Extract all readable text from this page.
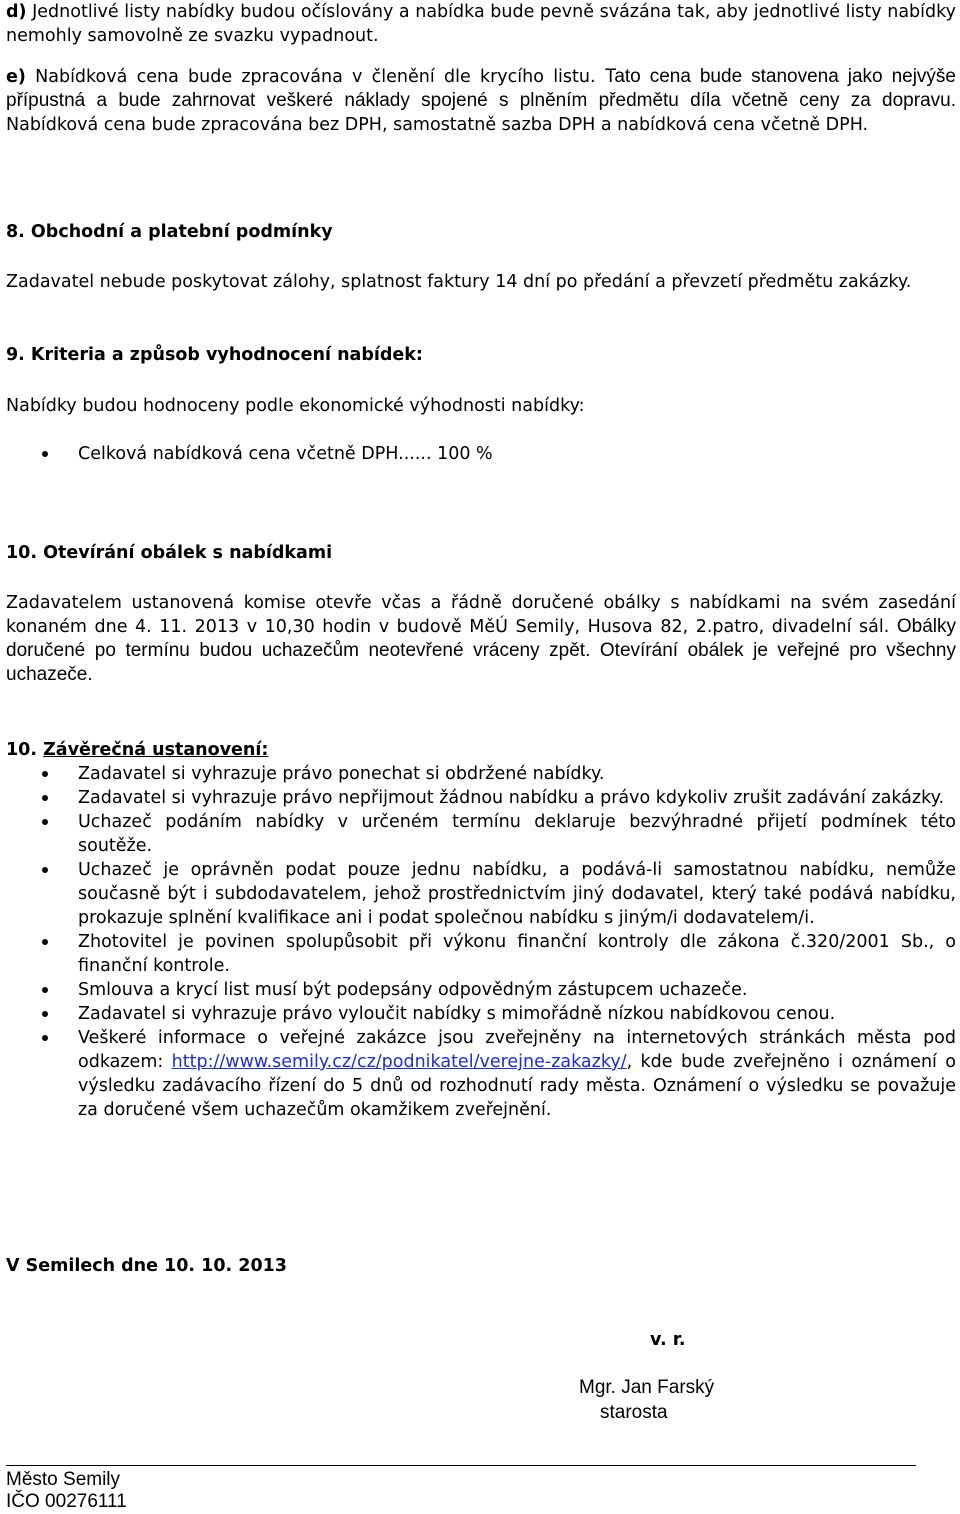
d) Jednotlivé listy nabídky budou očíslovány a nabídka bude pevně svázána tak, aby jednotlivé listy nabídky nemohly samovolně ze svazku vypadnout.

e) Nabídková cena bude zpracována v členění dle krycího listu. Tato cena bude stanovena jako nejvýše přípustná a bude zahrnovat veškeré náklady spojené s plněním předmětu díla včetně ceny za dopravu. Nabídková cena bude zpracována bez DPH, samostatně sazba DPH a nabídková cena včetně DPH.

8. Obchodní a platební podmínky

Zadavatel nebude poskytovat zálohy, splatnost faktury 14 dní po předání a převzetí předmětu zakázky.

9. Kriteria a způsob vyhodnocení nabídek:

Nabídky budou hodnoceny podle ekonomické výhodnosti nabídky:

Celková nabídková cena včetně DPH...... 100 %

10. Otevírání obálek s nabídkami

Zadavatelem ustanovená komise otevře včas a řádně doručené obálky s nabídkami na svém zasedání konaném dne 4. 11. 2013 v 10,30 hodin v budově MěÚ Semily, Husova 82, 2.patro, divadelní sál. Obálky doručené po termínu budou uchazečům neotevřené vráceny zpět. Otevírání obálek je veřejné pro všechny uchazeče.

10. Závěrečná ustanovení:

Zadavatel si vyhrazuje právo ponechat si obdržené nabídky.
Zadavatel si vyhrazuje právo nepřijmout žádnou nabídku a právo kdykoliv zrušit zadávání zakázky.
Uchazeč podáním nabídky v určeném termínu deklaruje bezvýhradné přijetí podmínek této soutěže.
Uchazeč je oprávněn podat pouze jednu nabídku, a podává-li samostatnou nabídku, nemůže současně být i subdodavatelem, jehož prostřednictvím jiný dodavatel, který také podává nabídku, prokazuje splnění kvalifikace ani i podat společnou nabídku s jiným/i dodavatelem/i.
Zhotovitel je povinen spolupůsobit při výkonu finanční kontroly dle zákona č.320/2001 Sb., o finanční kontrole.
Smlouva a krycí list musí být podepsány odpovědným zástupcem uchazeče.
Zadavatel si vyhrazuje právo vyloučit nabídky s mimořádně nízkou nabídkovou cenou.
Veškeré informace o veřejné zakázce jsou zveřejněny na internetových stránkách města pod odkazem: http://www.semily.cz/cz/podnikatel/verejne-zakazky/, kde bude zveřejněno i oznámení o výsledku zadávacího řízení do 5 dnů od rozhodnutí rady města. Oznámení o výsledku se považuje za doručené všem uchazečům okamžikem zveřejnění.

V Semilech dne 10. 10. 2013

v. r.

Mgr. Jan Farský

starosta

Město Semily

IČO 00276111
